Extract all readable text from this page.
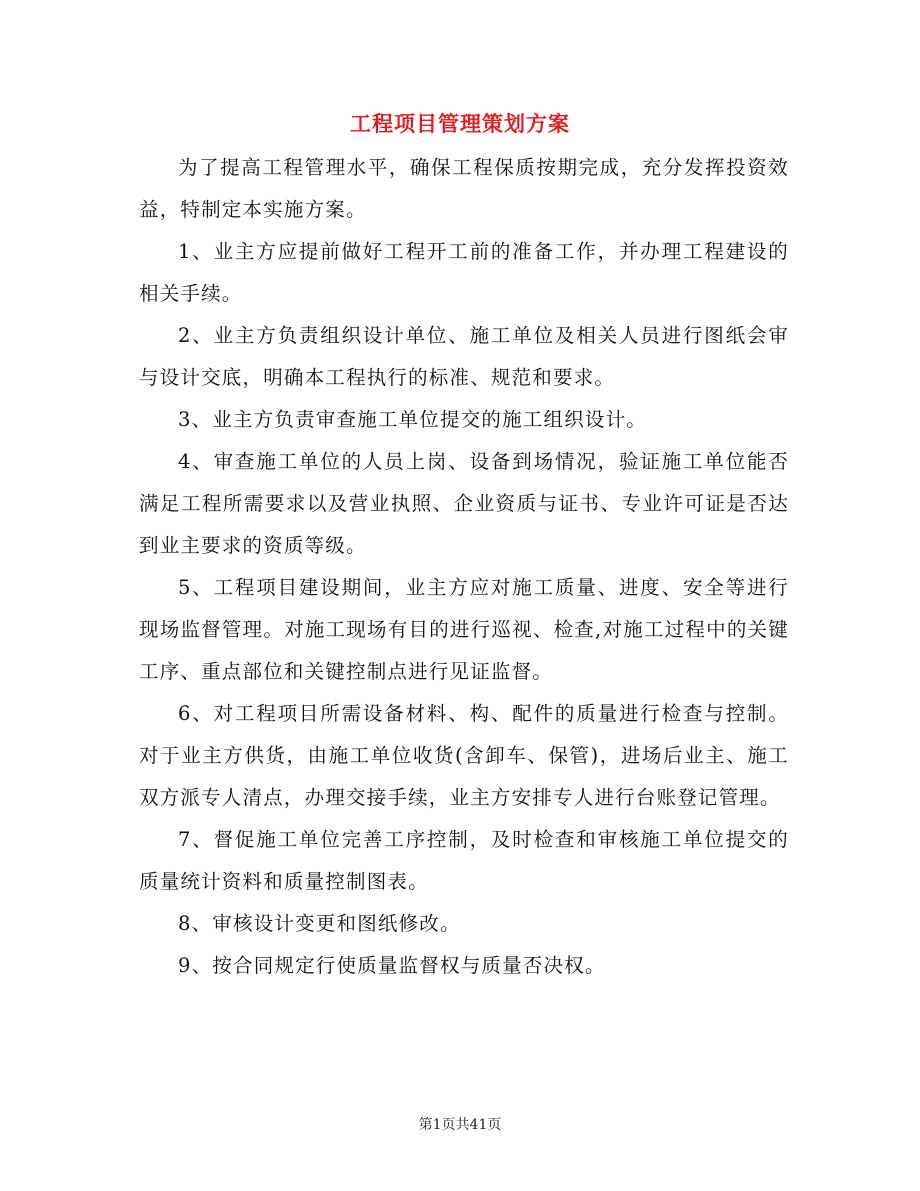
工程项目管理策划方案

为了提高工程管理水平，确保工程保质按期完成，充分发挥投资效益，特制定本实施方案。

1、业主方应提前做好工程开工前的准备工作，并办理工程建设的相关手续。

2、业主方负责组织设计单位、施工单位及相关人员进行图纸会审与设计交底，明确本工程执行的标准、规范和要求。

3、业主方负责审查施工单位提交的施工组织设计。

4、审查施工单位的人员上岗、设备到场情况，验证施工单位能否满足工程所需要求以及营业执照、企业资质与证书、专业许可证是否达到业主要求的资质等级。

5、工程项目建设期间，业主方应对施工质量、进度、安全等进行现场监督管理。对施工现场有目的进行巡视、检查,对施工过程中的关键工序、重点部位和关键控制点进行见证监督。

6、对工程项目所需设备材料、构、配件的质量进行检查与控制。对于业主方供货，由施工单位收货(含卸车、保管)，进场后业主、施工双方派专人清点，办理交接手续，业主方安排专人进行台账登记管理。

7、督促施工单位完善工序控制，及时检查和审核施工单位提交的质量统计资料和质量控制图表。

8、审核设计变更和图纸修改。

9、按合同规定行使质量监督权与质量否决权。

第1页共41页
